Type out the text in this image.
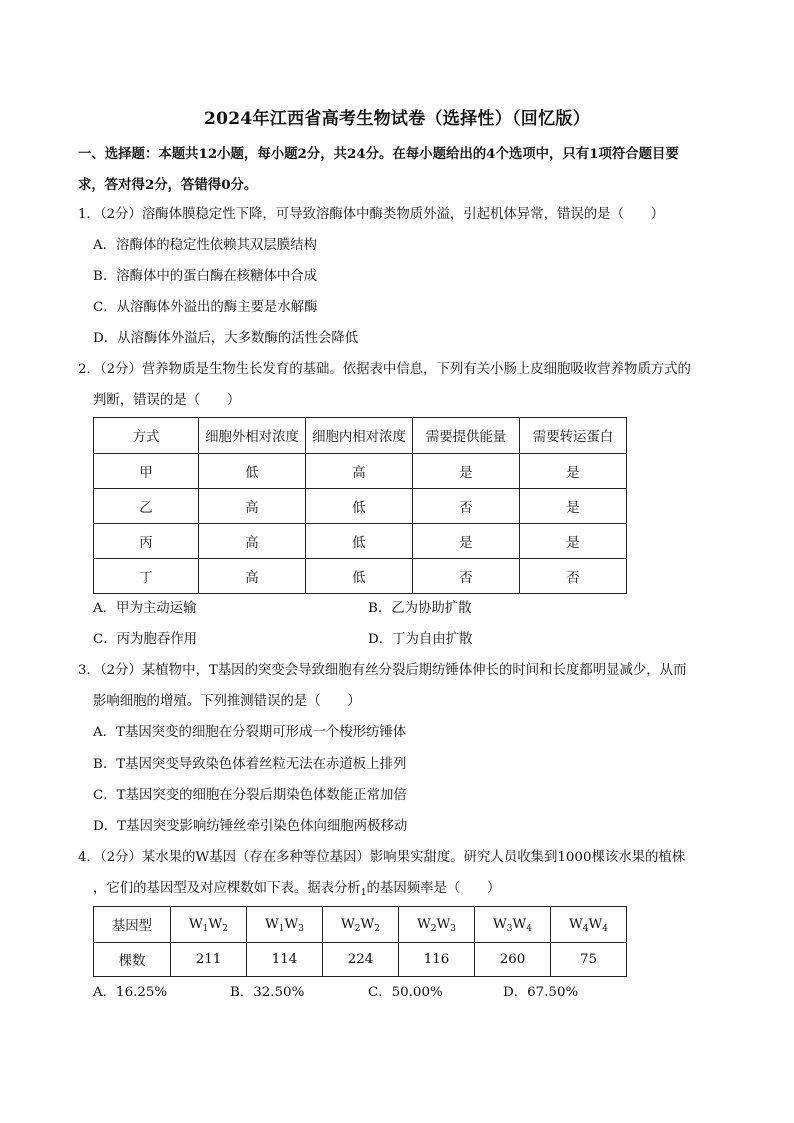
2024年江西省高考生物试卷（选择性）（回忆版）
一、选择题：本题共12小题，每小题2分，共24分。在每小题给出的4个选项中，只有1项符合题目要
求，答对得2分，答错得0分。
1．（2分）溶酶体膜稳定性下降，可导致溶酶体中酶类物质外溢，引起机体异常，错误的是（　　）
A．溶酶体的稳定性依赖其双层膜结构
B．溶酶体中的蛋白酶在核糖体中合成
C．从溶酶体外溢出的酶主要是水解酶
D．从溶酶体外溢后，大多数酶的活性会降低
2．（2分）营养物质是生物生长发育的基础。依据表中信息，下列有关小肠上皮细胞吸收营养物质方式的
判断，错误的是（　　）
方式	细胞外相对浓度	细胞内相对浓度	需要提供能量	需要转运蛋白
甲	低	高	是	是
乙	高	低	否	是
丙	高	低	是	是
丁	高	低	否	否
A．甲为主动运输	B．乙为协助扩散
C．丙为胞吞作用	D．丁为自由扩散
3．（2分）某植物中，T基因的突变会导致细胞有丝分裂后期纺锤体伸长的时间和长度都明显减少，从而
影响细胞的增殖。下列推测错误的是（　　）
A．T基因突变的细胞在分裂期可形成一个梭形纺锤体
B．T基因突变导致染色体着丝粒无法在赤道板上排列
C．T基因突变的细胞在分裂后期染色体数能正常加倍
D．T基因突变影响纺锤丝牵引染色体向细胞两极移动
4．（2分）某水果的W基因（存在多种等位基因）影响果实甜度。研究人员收集到1000棵该水果的植株
，它们的基因型及对应棵数如下表。据表分析$_1$的基因频率是（　　）
基因型	$W_1W_2$	$W_1W_3$	$W_2W_2$	$W_2W_3$	$W_3W_4$	$W_4W_4$
棵数	211	114	224	116	260	75
A．16.25%	B．32.50%	C．50.00%	D．67.50%
